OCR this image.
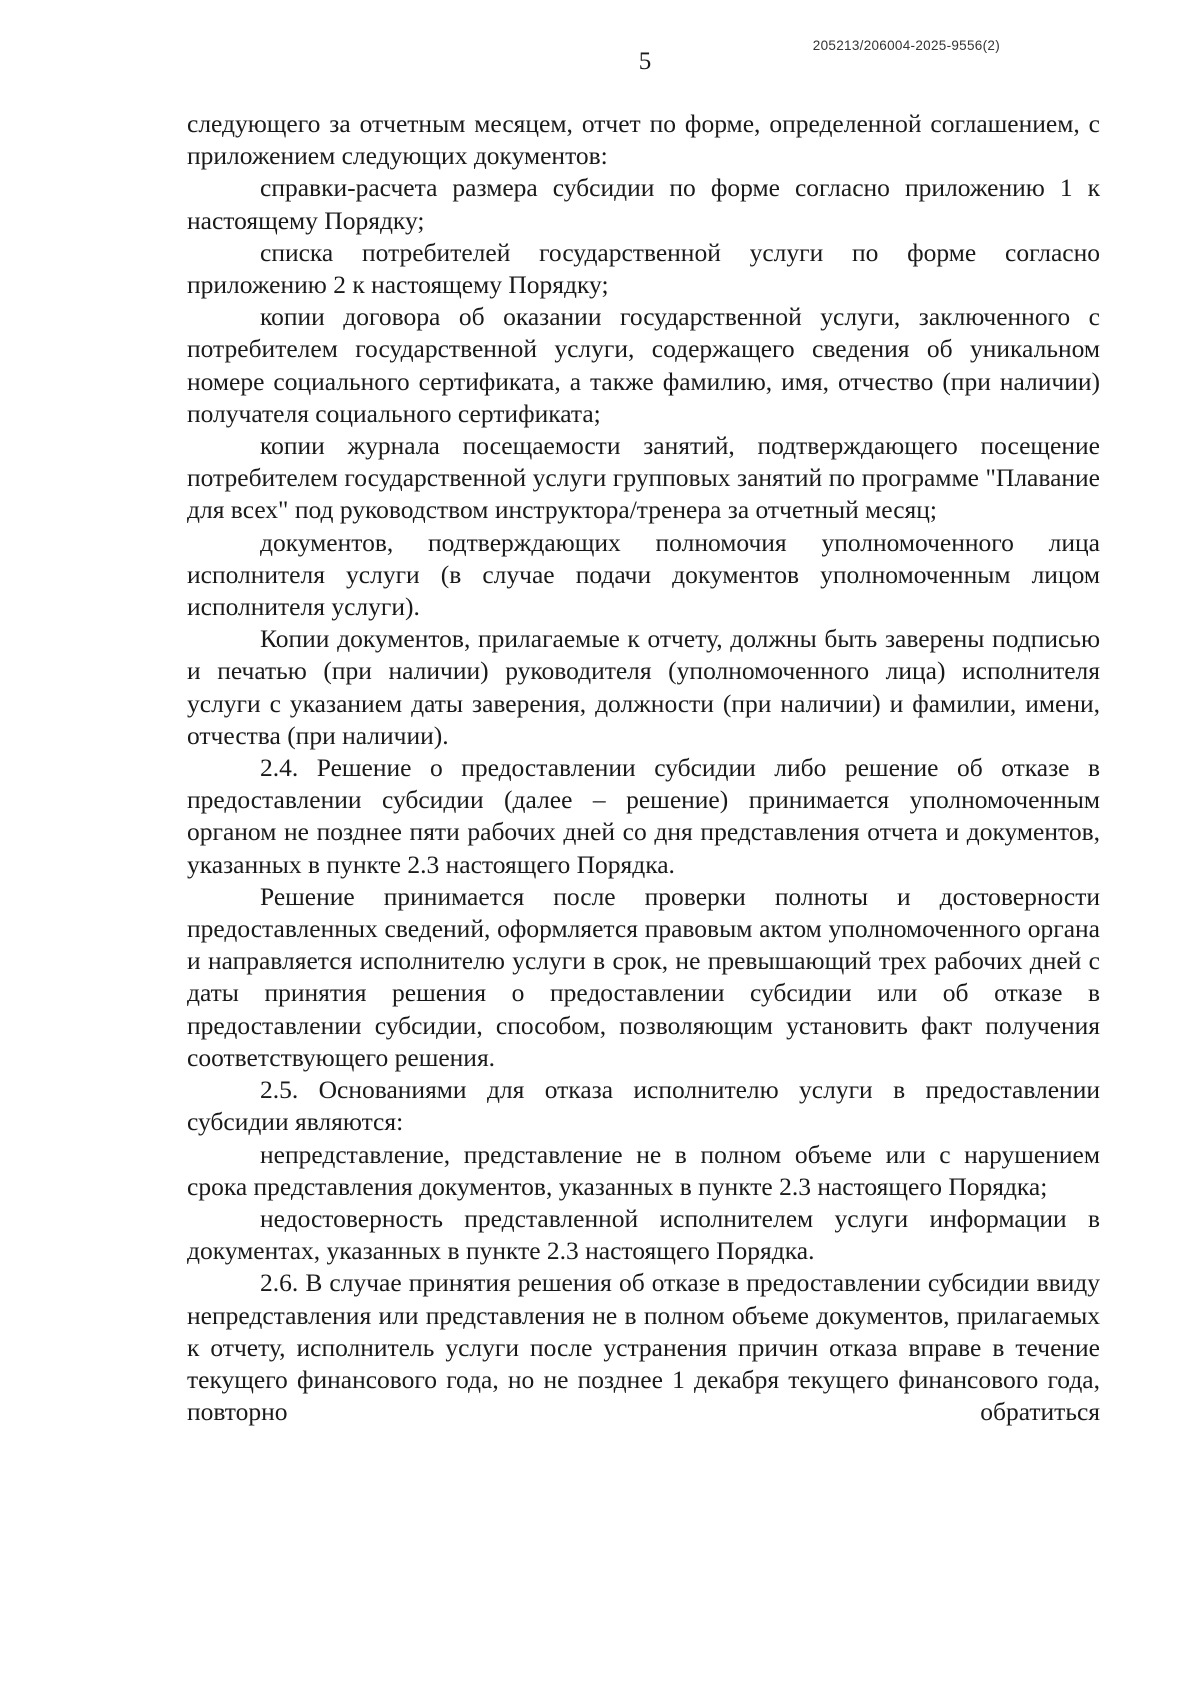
205213/206004-2025-9556(2)
5

следующего за отчетным месяцем, отчет по форме, определенной соглашением, с приложением следующих документов:

справки-расчета размера субсидии по форме согласно приложению 1 к настоящему Порядку;

списка потребителей государственной услуги по форме согласно приложению 2 к настоящему Порядку;

копии договора об оказании государственной услуги, заключенного с потребителем государственной услуги, содержащего сведения об уникальном номере социального сертификата, а также фамилию, имя, отчество (при наличии) получателя социального сертификата;

копии журнала посещаемости занятий, подтверждающего посещение потребителем государственной услуги групповых занятий по программе "Плавание для всех" под руководством инструктора/тренера за отчетный месяц;

документов, подтверждающих полномочия уполномоченного лица исполнителя услуги (в случае подачи документов уполномоченным лицом исполнителя услуги).

Копии документов, прилагаемые к отчету, должны быть заверены подписью и печатью (при наличии) руководителя (уполномоченного лица) исполнителя услуги с указанием даты заверения, должности (при наличии) и фамилии, имени, отчества (при наличии).

2.4. Решение о предоставлении субсидии либо решение об отказе в предоставлении субсидии (далее – решение) принимается уполномоченным органом не позднее пяти рабочих дней со дня представления отчета и документов, указанных в пункте 2.3 настоящего Порядка.

Решение принимается после проверки полноты и достоверности предоставленных сведений, оформляется правовым актом уполномоченного органа и направляется исполнителю услуги в срок, не превышающий трех рабочих дней с даты принятия решения о предоставлении субсидии или об отказе в предоставлении субсидии, способом, позволяющим установить факт получения соответствующего решения.

2.5. Основаниями для отказа исполнителю услуги в предоставлении субсидии являются:

непредставление, представление не в полном объеме или с нарушением срока представления документов, указанных в пункте 2.3 настоящего Порядка;

недостоверность представленной исполнителем услуги информации в документах, указанных в пункте 2.3 настоящего Порядка.

2.6. В случае принятия решения об отказе в предоставлении субсидии ввиду непредставления или представления не в полном объеме документов, прилагаемых к отчету, исполнитель услуги после устранения причин отказа вправе в течение текущего финансового года, но не позднее 1 декабря текущего финансового года, повторно обратиться
